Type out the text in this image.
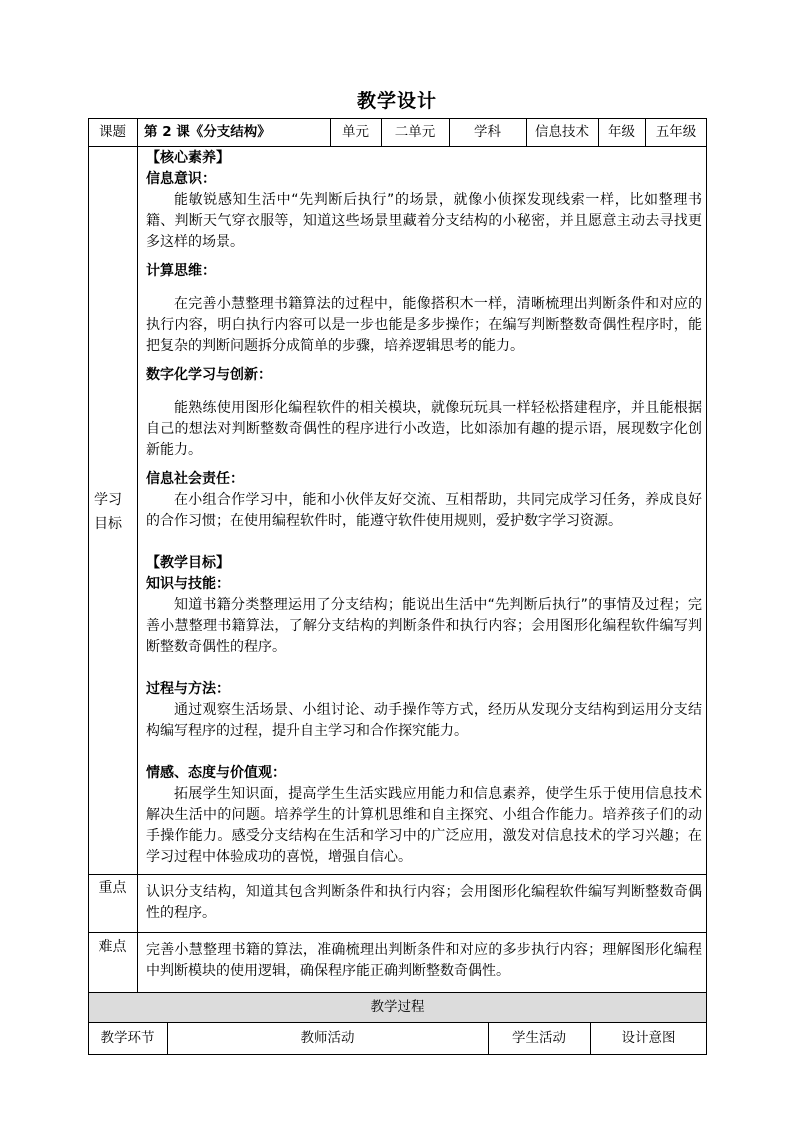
教学设计
课题	第 2 课《分支结构》	单元	二单元	学科	信息技术	年级	五年级
学习
目标

【核心素养】

信息意识：

能敏锐感知生活中“先判断后执行”的场景，就像小侦探发现线索一样，比如整理书籍、判断天气穿衣服等，知道这些场景里藏着分支结构的小秘密，并且愿意主动去寻找更多这样的场景。

计算思维：

在完善小慧整理书籍算法的过程中，能像搭积木一样，清晰梳理出判断条件和对应的执行内容，明白执行内容可以是一步也能是多步操作；在编写判断整数奇偶性程序时，能把复杂的判断问题拆分成简单的步骤，培养逻辑思考的能力。

数字化学习与创新：

能熟练使用图形化编程软件的相关模块，就像玩玩具一样轻松搭建程序，并且能根据自己的想法对判断整数奇偶性的程序进行小改造，比如添加有趣的提示语，展现数字化创新能力。

信息社会责任：

在小组合作学习中，能和小伙伴友好交流、互相帮助，共同完成学习任务，养成良好的合作习惯；在使用编程软件时，能遵守软件使用规则，爱护数字学习资源。

【教学目标】

知识与技能：

知道书籍分类整理运用了分支结构；能说出生活中“先判断后执行”的事情及过程；完善小慧整理书籍算法，了解分支结构的判断条件和执行内容；会用图形化编程软件编写判断整数奇偶性的程序。

过程与方法：

通过观察生活场景、小组讨论、动手操作等方式，经历从发现分支结构到运用分支结构编写程序的过程，提升自主学习和合作探究能力。

情感、态度与价值观：

拓展学生知识面，提高学生生活实践应用能力和信息素养，使学生乐于使用信息技术解决生活中的问题。培养学生的计算机思维和自主探究、小组合作能力。培养孩子们的动手操作能力。感受分支结构在生活和学习中的广泛应用，激发对信息技术的学习兴趣；在学习过程中体验成功的喜悦，增强自信心。

重点	认识分支结构，知道其包含判断条件和执行内容；会用图形化编程软件编写判断整数奇偶性的程序。
难点	完善小慧整理书籍的算法，准确梳理出判断条件和对应的多步执行内容；理解图形化编程中判断模块的使用逻辑，确保程序能正确判断整数奇偶性。
教学过程
教学环节	教师活动	学生活动	设计意图
